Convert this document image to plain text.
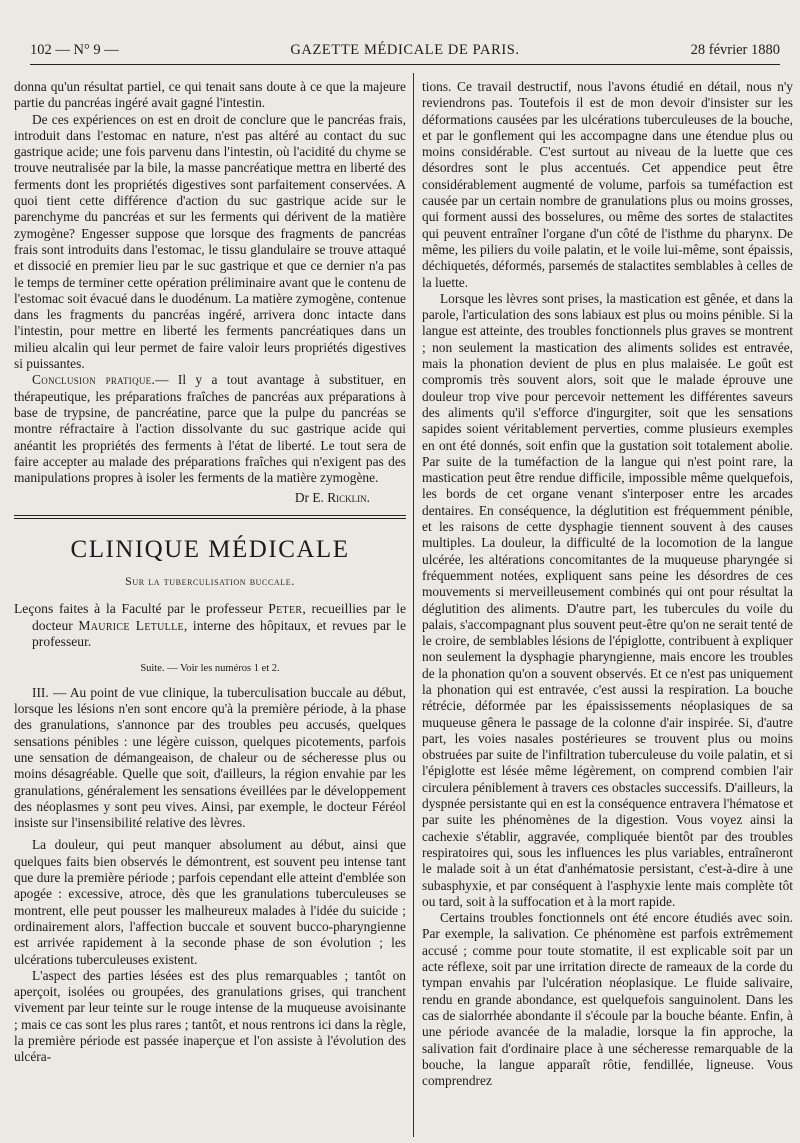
102 — N° 9 —	GAZETTE MÉDICALE DE PARIS.	28 février 1880

donna qu'un résultat partiel, ce qui tenait sans doute à ce que la majeure partie du pancréas ingéré avait gagné l'intestin.

De ces expériences on est en droit de conclure que le pancréas frais, introduit dans l'estomac en nature, n'est pas altéré au contact du suc gastrique acide; une fois parvenu dans l'intestin, où l'acidité du chyme se trouve neutralisée par la bile, la masse pancréatique mettra en liberté des ferments dont les propriétés digestives sont parfaitement conservées. A quoi tient cette différence d'action du suc gastrique acide sur le parenchyme du pancréas et sur les ferments qui dérivent de la matière zymogène? Engesser suppose que lorsque des fragments de pancréas frais sont introduits dans l'estomac, le tissu glandulaire se trouve attaqué et dissocié en premier lieu par le suc gastrique et que ce dernier n'a pas le temps de terminer cette opération préliminaire avant que le contenu de l'estomac soit évacué dans le duodénum. La matière zymogène, contenue dans les fragments du pancréas ingéré, arrivera donc intacte dans l'intestin, pour mettre en liberté les ferments pancréatiques dans un milieu alcalin qui leur permet de faire valoir leurs propriétés digestives si puissantes.

Conclusion pratique.— Il y a tout avantage à substituer, en thérapeutique, les préparations fraîches de pancréas aux préparations à base de trypsine, de pancréatine, parce que la pulpe du pancréas se montre réfractaire à l'action dissolvante du suc gastrique acide qui anéantit les propriétés des ferments à l'état de liberté. Le tout sera de faire accepter au malade des préparations fraîches qui n'exigent pas des manipulations propres à isoler les ferments de la matière zymogène.

Dr E. Ricklin.

CLINIQUE MÉDICALE
Sur la tuberculisation buccale.

Leçons faites à la Faculté par le professeur Peter, recueillies par le docteur Maurice Letulle, interne des hôpitaux, et revues par le professeur.

Suite. — Voir les numéros 1 et 2.

III. — Au point de vue clinique, la tuberculisation buccale au début, lorsque les lésions n'en sont encore qu'à la première période, à la phase des granulations, s'annonce par des troubles peu accusés, quelques sensations pénibles : une légère cuisson, quelques picotements, parfois une sensation de démangeaison, de chaleur ou de sécheresse plus ou moins désagréable. Quelle que soit, d'ailleurs, la région envahie par les granulations, généralement les sensations éveillées par le développement des néoplasmes y sont peu vives. Ainsi, par exemple, le docteur Féréol insiste sur l'insensibilité relative des lèvres.

La douleur, qui peut manquer absolument au début, ainsi que quelques faits bien observés le démontrent, est souvent peu intense tant que dure la première période ; parfois cependant elle atteint d'emblée son apogée : excessive, atroce, dès que les granulations tuberculeuses se montrent, elle peut pousser les malheureux malades à l'idée du suicide ; ordinairement alors, l'affection buccale et souvent bucco-pharyngienne est arrivée rapidement à la seconde phase de son évolution ; les ulcérations tuberculeuses existent.

L'aspect des parties lésées est des plus remarquables ; tantôt on aperçoit, isolées ou groupées, des granulations grises, qui tranchent vivement par leur teinte sur le rouge intense de la muqueuse avoisinante ; mais ce cas sont les plus rares ; tantôt, et nous rentrons ici dans la règle, la première période est passée inaperçue et l'on assiste à l'évolution des ulcéra-

tions. Ce travail destructif, nous l'avons étudié en détail, nous n'y reviendrons pas. Toutefois il est de mon devoir d'insister sur les déformations causées par les ulcérations tuberculeuses de la bouche, et par le gonflement qui les accompagne dans une étendue plus ou moins considérable. C'est surtout au niveau de la luette que ces désordres sont le plus accentués. Cet appendice peut être considérablement augmenté de volume, parfois sa tuméfaction est causée par un certain nombre de granulations plus ou moins grosses, qui forment aussi des bosselures, ou même des sortes de stalactites qui peuvent entraîner l'organe d'un côté de l'isthme du pharynx. De même, les piliers du voile palatin, et le voile lui-même, sont épaissis, déchiquetés, déformés, parsemés de stalactites semblables à celles de la luette.

Lorsque les lèvres sont prises, la mastication est gênée, et dans la parole, l'articulation des sons labiaux est plus ou moins pénible. Si la langue est atteinte, des troubles fonctionnels plus graves se montrent ; non seulement la mastication des aliments solides est entravée, mais la phonation devient de plus en plus malaisée. Le goût est compromis très souvent alors, soit que le malade éprouve une douleur trop vive pour percevoir nettement les différentes saveurs des aliments qu'il s'efforce d'ingurgiter, soit que les sensations sapides soient véritablement perverties, comme plusieurs exemples en ont été donnés, soit enfin que la gustation soit totalement abolie. Par suite de la tuméfaction de la langue qui n'est point rare, la mastication peut être rendue difficile, impossible même quelquefois, les bords de cet organe venant s'interposer entre les arcades dentaires. En conséquence, la déglutition est fréquemment pénible, et les raisons de cette dysphagie tiennent souvent à des causes multiples. La douleur, la difficulté de la locomotion de la langue ulcérée, les altérations concomitantes de la muqueuse pharyngée si fréquemment notées, expliquent sans peine les désordres de ces mouvements si merveilleusement combinés qui ont pour résultat la déglutition des aliments. D'autre part, les tubercules du voile du palais, s'accompagnant plus souvent peut-être qu'on ne serait tenté de le croire, de semblables lésions de l'épiglotte, contribuent à expliquer non seulement la dysphagie pharyngienne, mais encore les troubles de la phonation qu'on a souvent observés. Et ce n'est pas uniquement la phonation qui est entravée, c'est aussi la respiration. La bouche rétrécie, déformée par les épaississements néoplasiques de sa muqueuse gênera le passage de la colonne d'air inspirée. Si, d'autre part, les voies nasales postérieures se trouvent plus ou moins obstruées par suite de l'infiltration tuberculeuse du voile palatin, et si l'épiglotte est lésée même légèrement, on comprend combien l'air circulera péniblement à travers ces obstacles successifs. D'ailleurs, la dyspnée persistante qui en est la conséquence entravera l'hématose et par suite les phénomènes de la digestion. Vous voyez ainsi la cachexie s'établir, aggravée, compliquée bientôt par des troubles respiratoires qui, sous les influences les plus variables, entraîneront le malade soit à un état d'anhématosie persistant, c'est-à-dire à une subasphyxie, et par conséquent à l'asphyxie lente mais complète tôt ou tard, soit à la suffocation et à la mort rapide.

Certains troubles fonctionnels ont été encore étudiés avec soin. Par exemple, la salivation. Ce phénomène est parfois extrêmement accusé ; comme pour toute stomatite, il est explicable soit par un acte réflexe, soit par une irritation directe de rameaux de la corde du tympan envahis par l'ulcération néoplasique. Le fluide salivaire, rendu en grande abondance, est quelquefois sanguinolent. Dans les cas de sialorrhée abondante il s'écoule par la bouche béante. Enfin, à une période avancée de la maladie, lorsque la fin approche, la salivation fait d'ordinaire place à une sécheresse remarquable de la bouche, la langue apparaît rôtie, fendillée, ligneuse. Vous comprendrez
